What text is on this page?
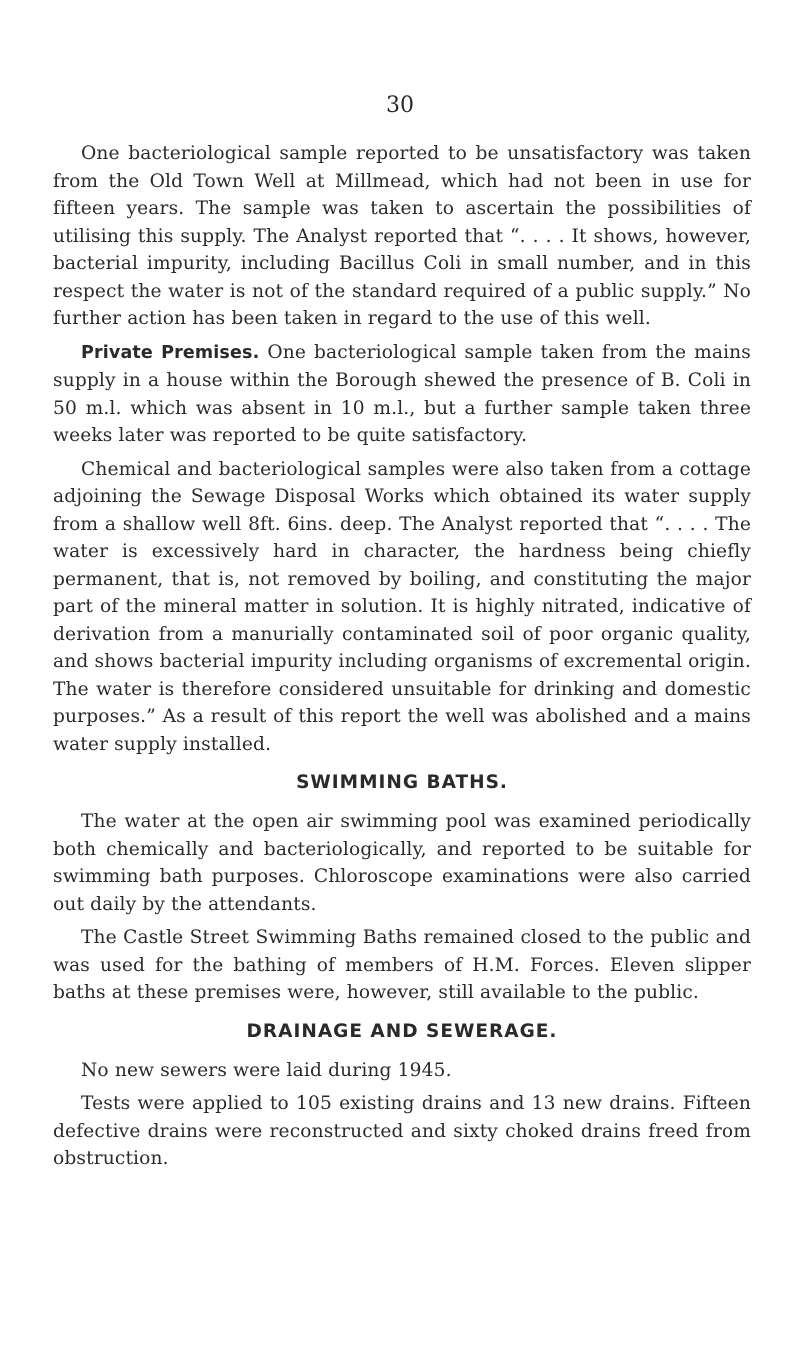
30

One bacteriological sample reported to be unsatisfactory was taken from the Old Town Well at Millmead, which had not been in use for fifteen years. The sample was taken to ascertain the possibilities of utilising this supply. The Analyst reported that “. . . . It shows, however, bacterial impurity, including Bacillus Coli in small number, and in this respect the water is not of the standard required of a public supply.” No further action has been taken in regard to the use of this well.

Private Premises. One bacteriological sample taken from the mains supply in a house within the Borough shewed the presence of B. Coli in 50 m.l. which was absent in 10 m.l., but a further sample taken three weeks later was reported to be quite satisfactory.

Chemical and bacteriological samples were also taken from a cottage adjoining the Sewage Disposal Works which obtained its water supply from a shallow well 8ft. 6ins. deep. The Analyst reported that “. . . . The water is excessively hard in character, the hardness being chiefly permanent, that is, not removed by boiling, and constituting the major part of the mineral matter in solution. It is highly nitrated, indicative of derivation from a manurially contaminated soil of poor organic quality, and shows bacterial impurity including organisms of excremental origin. The water is therefore considered unsuitable for drinking and domestic purposes.” As a result of this report the well was abolished and a mains water supply installed.

SWIMMING BATHS.

The water at the open air swimming pool was examined periodically both chemically and bacteriologically, and reported to be suitable for swimming bath purposes. Chloroscope examinations were also carried out daily by the attendants.

The Castle Street Swimming Baths remained closed to the public and was used for the bathing of members of H.M. Forces. Eleven slipper baths at these premises were, however, still available to the public.

DRAINAGE AND SEWERAGE.

No new sewers were laid during 1945.

Tests were applied to 105 existing drains and 13 new drains. Fifteen defective drains were reconstructed and sixty choked drains freed from obstruction.
